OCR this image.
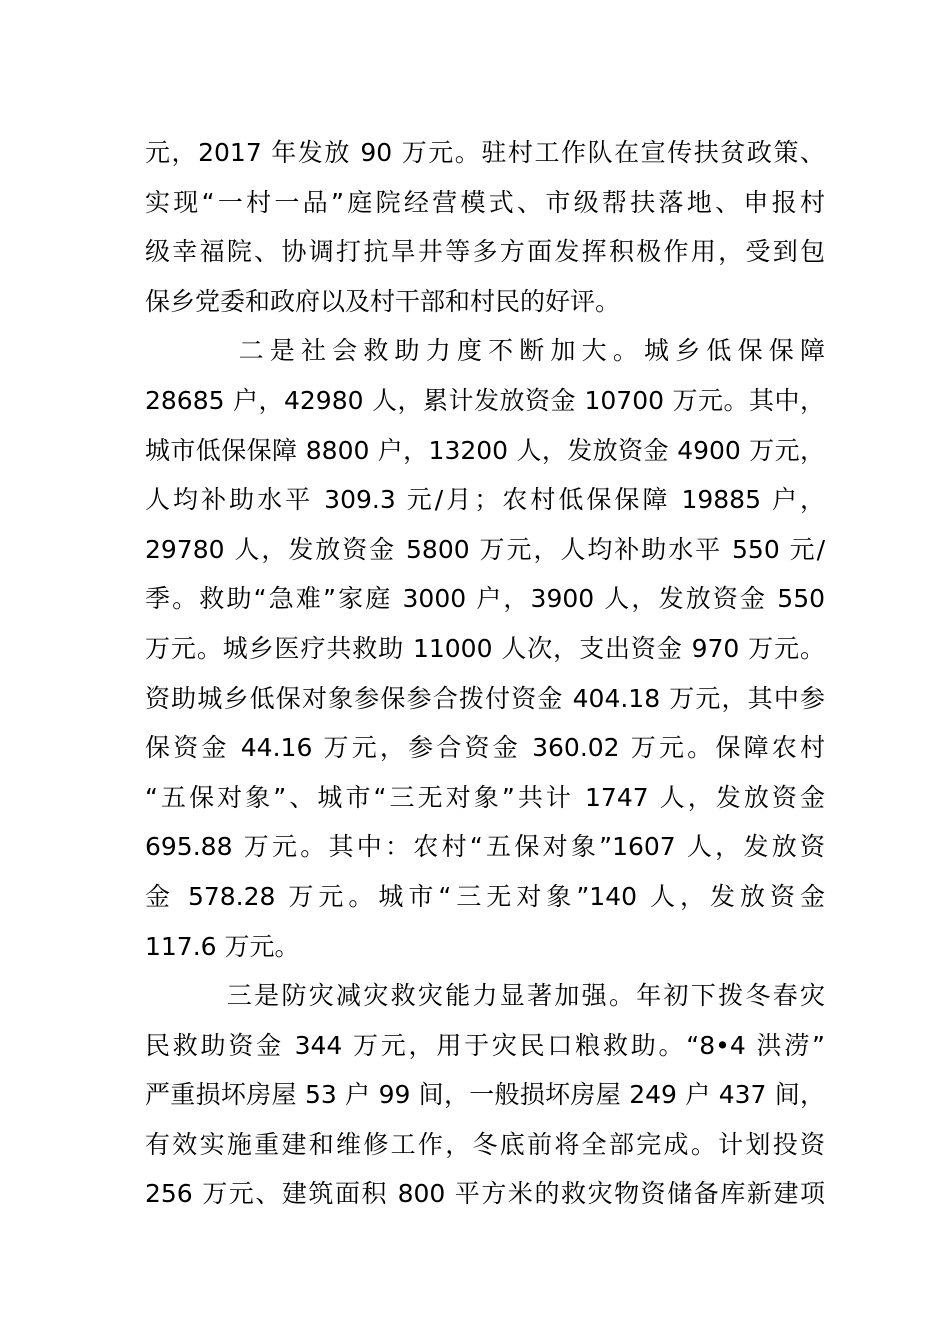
元，2017 年发放 90 万元。驻村工作队在宣传扶贫政策、
实现“一村一品”庭院经营模式、市级帮扶落地、申报村
级幸福院、协调打抗旱井等多方面发挥积极作用，受到包
保乡党委和政府以及村干部和村民的好评。
　　　二是社会救助力度不断加大。城乡低保保障
28685 户，42980 人，累计发放资金 10700 万元。其中，
城市低保保障 8800 户，13200 人，发放资金 4900 万元，
人均补助水平 309.3 元/月；农村低保保障 19885 户，
29780 人，发放资金 5800 万元，人均补助水平 550 元/
季。救助“急难”家庭 3000 户，3900 人，发放资金 550
万元。城乡医疗共救助 11000 人次，支出资金 970 万元。
资助城乡低保对象参保参合拨付资金 404.18 万元，其中参
保资金 44.16 万元，参合资金 360.02 万元。保障农村
“五保对象”、城市“三无对象”共计 1747 人，发放资金
695.88 万元。其中：农村“五保对象”1607 人，发放资
金 578.28 万元。城市“三无对象”140 人，发放资金
117.6 万元。
　　　三是防灾减灾救灾能力显著加强。年初下拨冬春灾
民救助资金 344 万元，用于灾民口粮救助。“8•4 洪涝”
严重损坏房屋 53 户 99 间，一般损坏房屋 249 户 437 间，
有效实施重建和维修工作，冬底前将全部完成。计划投资
256 万元、建筑面积 800 平方米的救灾物资储备库新建项
